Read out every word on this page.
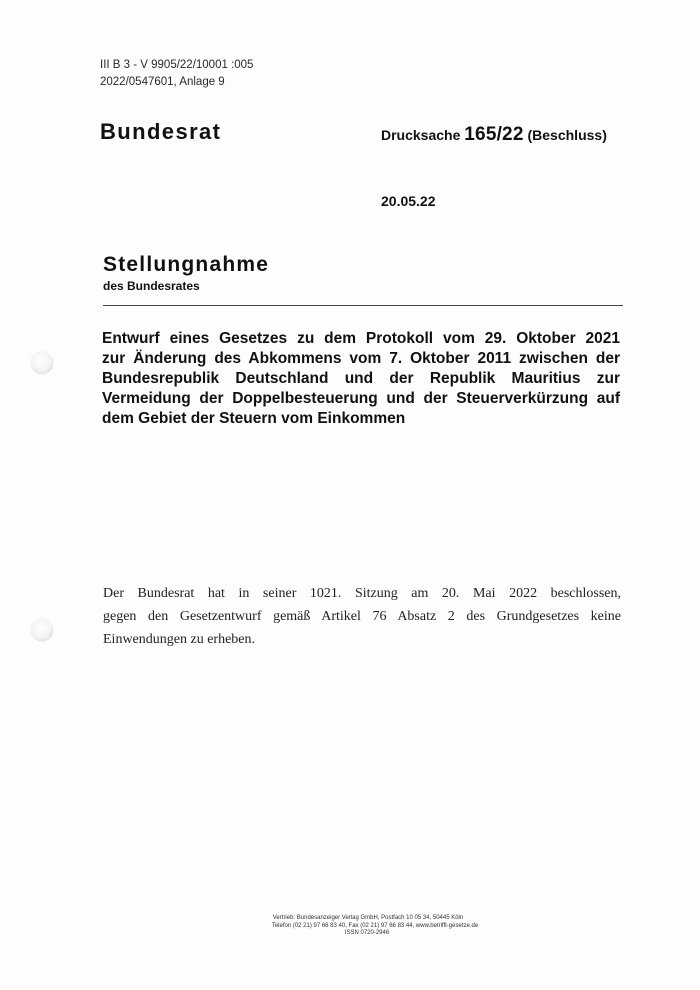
III B 3 - V 9905/22/10001 :005
2022/0547601, Anlage 9
Bundesrat	Drucksache 165/22 (Beschluss)
20.05.22
Stellungnahme
des Bundesrates
Entwurf eines Gesetzes zu dem Protokoll vom 29. Oktober 2021
zur Änderung des Abkommens vom 7. Oktober 2011 zwischen der
Bundesrepublik Deutschland und der Republik Mauritius zur
Vermeidung der Doppelbesteuerung und der Steuerverkürzung auf
dem Gebiet der Steuern vom Einkommen
Der Bundesrat hat in seiner 1021. Sitzung am 20. Mai 2022 beschlossen,
gegen den Gesetzentwurf gemäß Artikel 76 Absatz 2 des Grundgesetzes keine
Einwendungen zu erheben.
Vertrieb: Bundesanzeiger Verlag GmbH, Postfach 10 05 34, 50445 Köln
Telefon (02 21) 97 66 83 40, Fax (02 21) 97 66 83 44, www.betrifft-gesetze.de
ISSN 0720-2946
